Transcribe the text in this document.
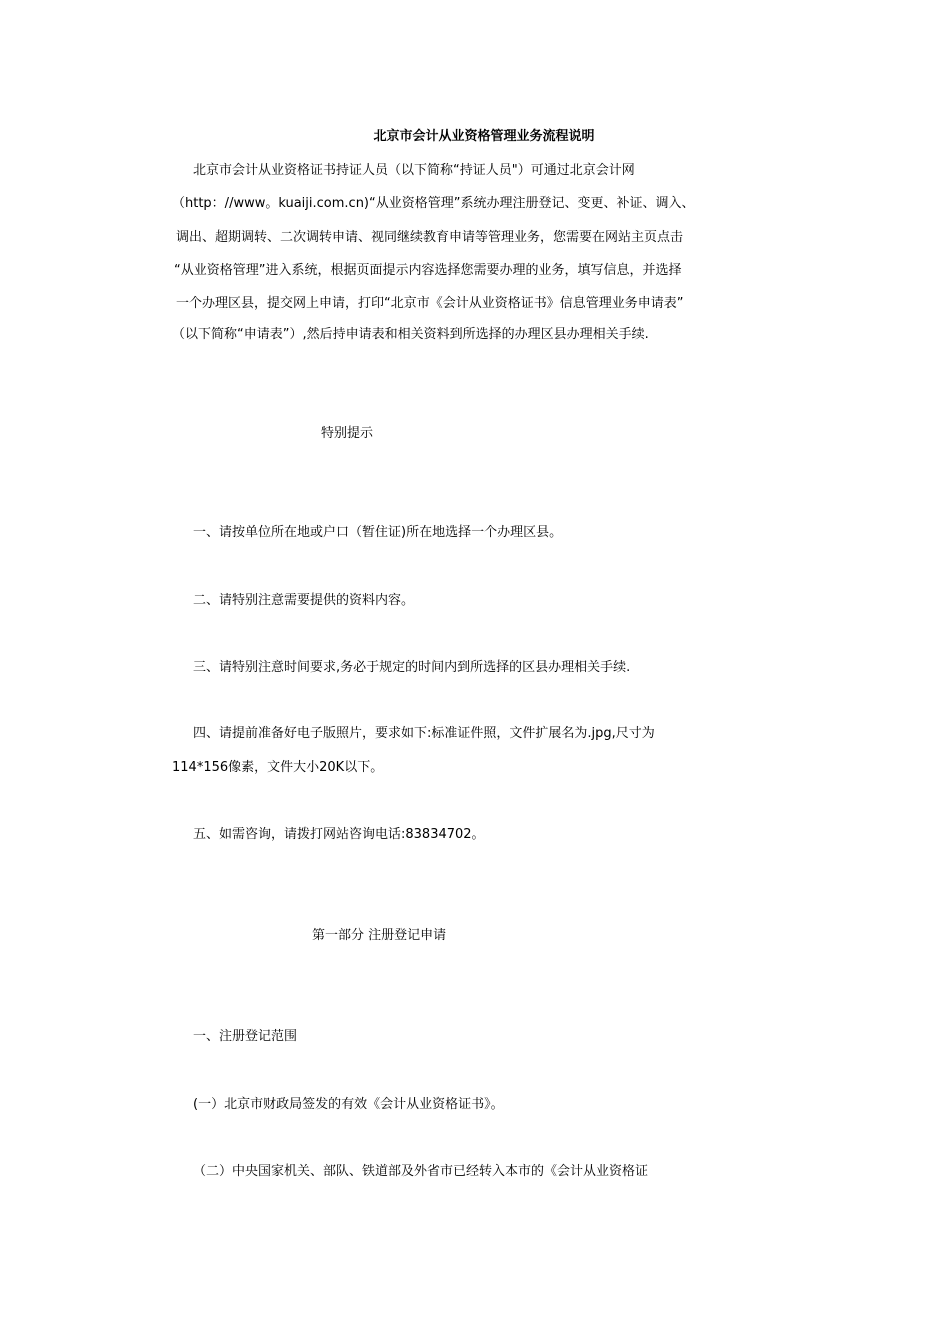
北京市会计从业资格管理业务流程说明
北京市会计从业资格证书持证人员（以下简称“持证人员"）可通过北京会计网
（http：//www。kuaiji.com.cn)“从业资格管理”系统办理注册登记、变更、补证、调入、
调出、超期调转、二次调转申请、视同继续教育申请等管理业务，您需要在网站主页点击
“从业资格管理”进入系统，根据页面提示内容选择您需要办理的业务，填写信息，并选择
一个办理区县，提交网上申请，打印“北京市《会计从业资格证书》信息管理业务申请表”
（以下简称“申请表”）,然后持申请表和相关资料到所选择的办理区县办理相关手续.
特别提示
一、请按单位所在地或户口（暂住证)所在地选择一个办理区县。
二、请特别注意需要提供的资料内容。
三、请特别注意时间要求,务必于规定的时间内到所选择的区县办理相关手续.
四、请提前准备好电子版照片，要求如下:标准证件照，文件扩展名为.jpg,尺寸为
114*156像素，文件大小20K以下。
五、如需咨询，请拨打网站咨询电话:83834702。
第一部分 注册登记申请
一、注册登记范围
(一）北京市财政局签发的有效《会计从业资格证书》。
（二）中央国家机关、部队、铁道部及外省市已经转入本市的《会计从业资格证
